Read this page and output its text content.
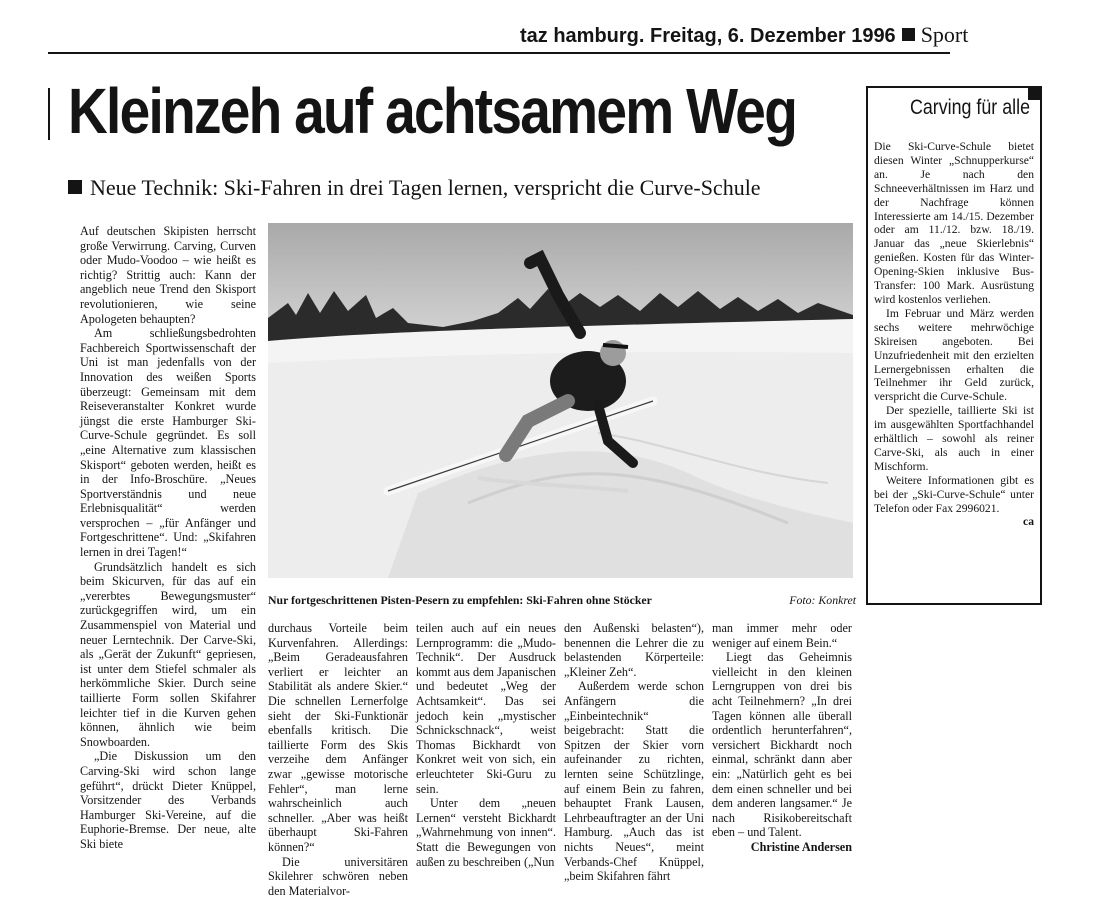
taz hamburg. Freitag, 6. Dezember 1996 Sport
Kleinzeh auf achtsamem Weg
Neue Technik: Ski-Fahren in drei Tagen lernen, verspricht die Curve-Schule

Auf deutschen Skipisten herrscht große Verwirrung. Carving, Curven oder Mudo-Voodoo – wie heißt es richtig? Strittig auch: Kann der angeblich neue Trend den Skisport revolutionieren, wie seine Apologeten behaupten?

Am schließungsbedrohten Fachbereich Sportwissenschaft der Uni ist man jedenfalls von der Innovation des weißen Sports überzeugt: Gemeinsam mit dem Reiseveranstalter Konkret wurde jüngst die erste Hamburger Ski-Curve-Schule gegründet. Es soll „eine Alternative zum klassischen Skisport“ geboten werden, heißt es in der Info-Broschüre. „Neues Sportverständnis und neue Erlebnisqualität“ werden versprochen – „für Anfänger und Fortgeschrittene“. Und: „Skifahren lernen in drei Tagen!“

Grundsätzlich handelt es sich beim Skicurven, für das auf ein „vererbtes Bewegungsmuster“ zurückgegriffen wird, um ein Zusammenspiel von Material und neuer Lerntechnik. Der Carve-Ski, als „Gerät der Zukunft“ gepriesen, ist unter dem Stiefel schmaler als herkömmliche Skier. Durch seine taillierte Form sollen Skifahrer leichter tief in die Kurven gehen können, ähnlich wie beim Snowboarden.

„Die Diskussion um den Carving-Ski wird schon lange geführt“, drückt Dieter Knüppel, Vorsitzender des Verbands Hamburger Ski-Vereine, auf die Euphorie-Bremse. Der neue, alte Ski biete

Nur fortgeschrittenen Pisten-Pesern zu empfehlen: Ski-Fahren ohne Stöcker	Foto: Konkret

durchaus Vorteile beim Kurvenfahren. Allerdings: „Beim Geradeausfahren verliert er leichter an Stabilität als andere Skier.“ Die schnellen Lernerfolge sieht der Ski-Funktionär ebenfalls kritisch. Die taillierte Form des Skis verzeihe dem Anfänger zwar „gewisse motorische Fehler“, man lerne wahrscheinlich auch schneller. „Aber was heißt überhaupt Ski-Fahren können?“

Die universitären Skilehrer schwören neben den Materialvor-

teilen auch auf ein neues Lernprogramm: die „Mudo-Technik“. Der Ausdruck kommt aus dem Japanischen und bedeutet „Weg der Achtsamkeit“. Das sei jedoch kein „mystischer Schnickschnack“, weist Thomas Bickhardt von Konkret weit von sich, ein erleuchteter Ski-Guru zu sein.

Unter dem „neuen Lernen“ versteht Bickhardt „Wahrnehmung von innen“. Statt die Bewegungen von außen zu beschreiben („Nun

den Außenski belasten“), benennen die Lehrer die zu belastenden Körperteile: „Kleiner Zeh“.

Außerdem werde schon Anfängern die „Einbeintechnik“ beigebracht: Statt die Spitzen der Skier vorn aufeinander zu richten, lernten seine Schützlinge, auf einem Bein zu fahren, behauptet Frank Lausen, Lehrbeauftragter an der Uni Hamburg. „Auch das ist nichts Neues“, meint Verbands-Chef Knüppel, „beim Skifahren fährt

man immer mehr oder weniger auf einem Bein.“

Liegt das Geheimnis vielleicht in den kleinen Lerngruppen von drei bis acht Teilnehmern? „In drei Tagen können alle überall ordentlich herunterfahren“, versichert Bickhardt noch einmal, schränkt dann aber ein: „Natürlich geht es bei dem einen schneller und bei dem anderen langsamer.“ Je nach Risikobereitschaft eben – und Talent.

Christine Andersen
Carving für alle

Die Ski-Curve-Schule bietet diesen Winter „Schnupperkurse“ an. Je nach den Schneeverhältnissen im Harz und der Nachfrage können Interessierte am 14./15. Dezember oder am 11./12. bzw. 18./19. Januar das „neue Skierlebnis“ genießen. Kosten für das Winter-Opening-Skien inklusive Bus-Transfer: 100 Mark. Ausrüstung wird kostenlos verliehen.

Im Februar und März werden sechs weitere mehrwöchige Skireisen angeboten. Bei Unzufriedenheit mit den erzielten Lernergebnissen erhalten die Teilnehmer ihr Geld zurück, verspricht die Curve-Schule.

Der spezielle, taillierte Ski ist im ausgewählten Sportfachhandel erhältlich – sowohl als reiner Carve-Ski, als auch in einer Mischform.

Weitere Informationen gibt es bei der „Ski-Curve-Schule“ unter Telefon oder Fax 2996021.

ca
